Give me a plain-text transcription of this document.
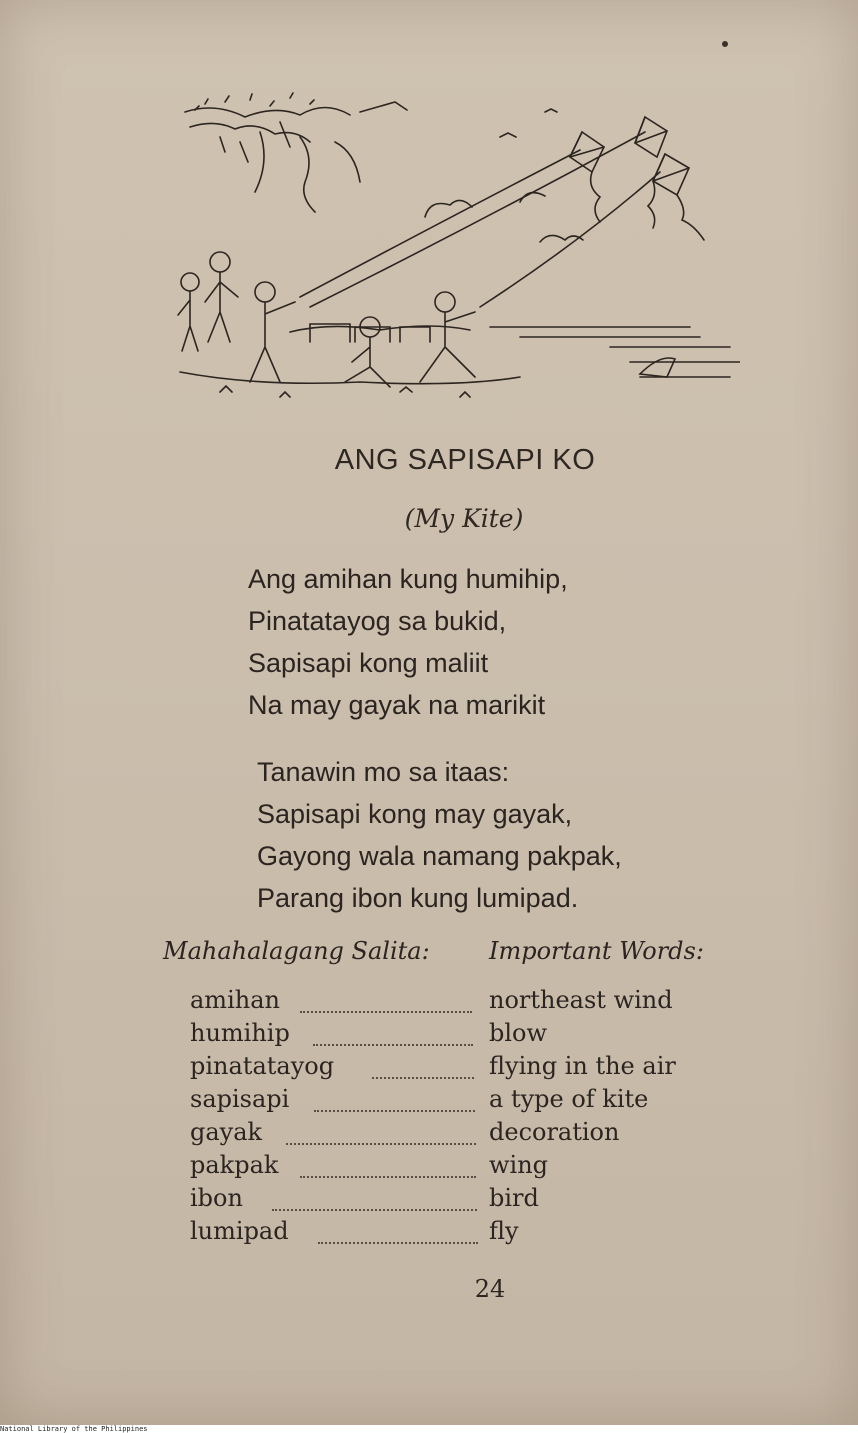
ANG SAPISAPI KO
(My Kite)
Ang amihan kung humihip,
Pinatatayog sa bukid,
Sapisapi kong maliit
Na may gayak na marikit
Tanawin mo sa itaas:
Sapisapi kong may gayak,
Gayong wala namang pakpak,
Parang ibon kung lumipad.
Mahahalagang Salita: Important Words:
amihan	northeast wind
humihip	blow
pinatatayog	flying in the air
sapisapi	a type of kite
gayak	decoration
pakpak	wing
ibon	bird
lumipad	fly
24
National Library of the Philippines
